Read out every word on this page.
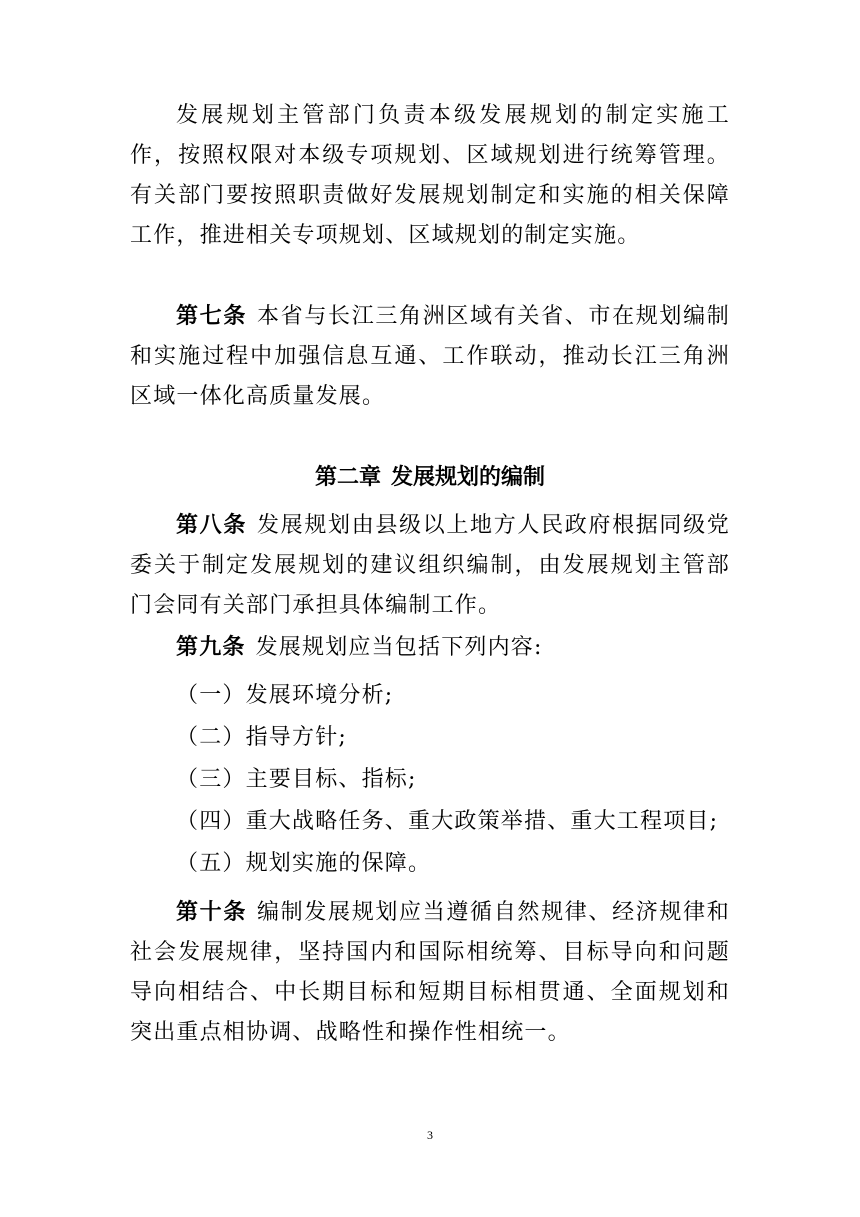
发展规划主管部门负责本级发展规划的制定实施工作，按照权限对本级专项规划、区域规划进行统筹管理。有关部门要按照职责做好发展规划制定和实施的相关保障工作，推进相关专项规划、区域规划的制定实施。

第七条 本省与长江三角洲区域有关省、市在规划编制和实施过程中加强信息互通、工作联动，推动长江三角洲区域一体化高质量发展。

第二章 发展规划的编制

第八条 发展规划由县级以上地方人民政府根据同级党委关于制定发展规划的建议组织编制，由发展规划主管部门会同有关部门承担具体编制工作。

第九条 发展规划应当包括下列内容:

（一）发展环境分析;
（二）指导方针;
（三）主要目标、指标;
（四）重大战略任务、重大政策举措、重大工程项目;
（五）规划实施的保障。

第十条 编制发展规划应当遵循自然规律、经济规律和社会发展规律，坚持国内和国际相统筹、目标导向和问题导向相结合、中长期目标和短期目标相贯通、全面规划和突出重点相协调、战略性和操作性相统一。

3
